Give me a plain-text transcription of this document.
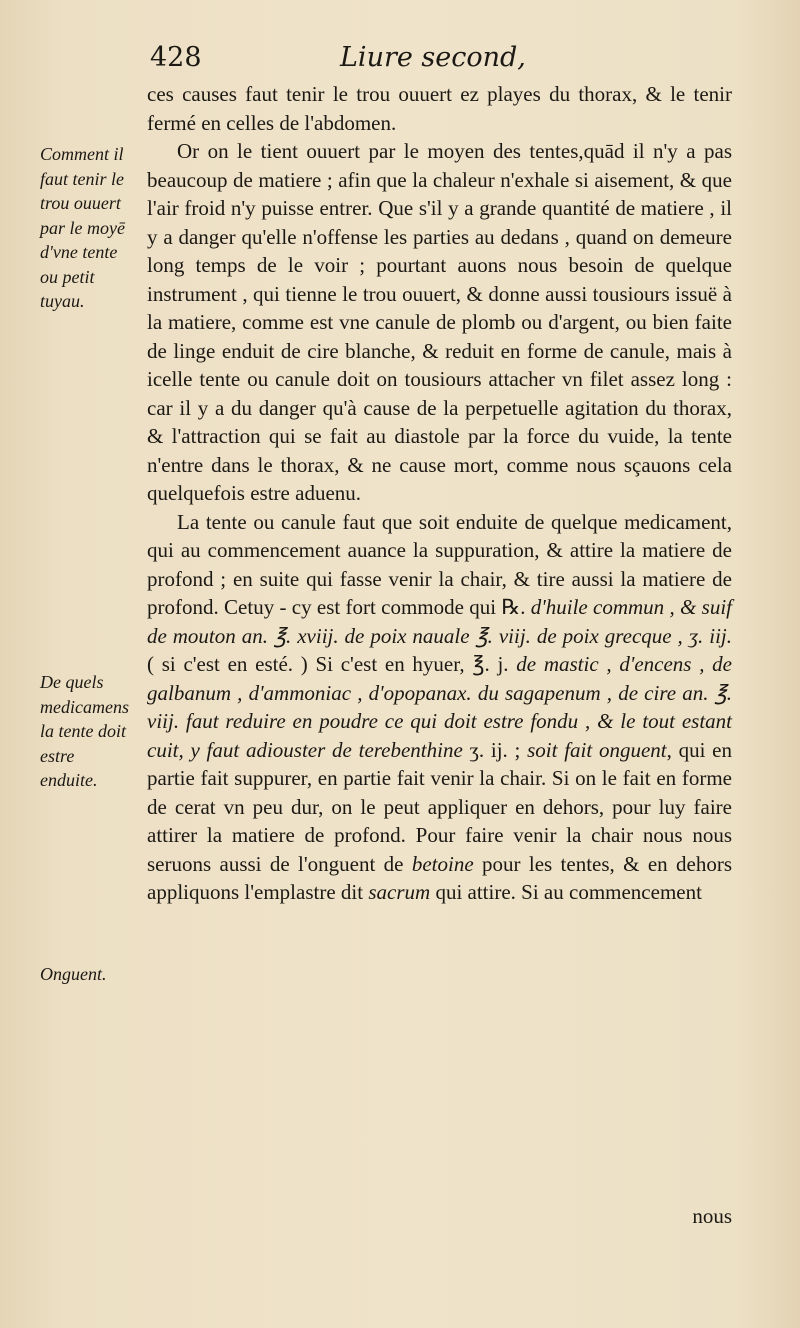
428	Liure second,
Comment il faut tenir le trou ouuert par le moyē d'vne tente ou petit tuyau.
De quels medicamens la tente doit estre enduite.
Onguent.

ces causes faut tenir le trou ouuert ez playes du thorax, & le tenir fermé en celles de l'abdomen.

Or on le tient ouuert par le moyen des tentes,quād il n'y a pas beaucoup de matiere ; afin que la chaleur n'exhale si aisement, & que l'air froid n'y puisse entrer. Que s'il y a grande quantité de matiere , il y a danger qu'elle n'offense les parties au dedans , quand on demeure long temps de le voir ; pourtant auons nous besoin de quelque instrument , qui tienne le trou ouuert, & donne aussi tousiours issuë à la matiere, comme est vne canule de plomb ou d'argent, ou bien faite de linge enduit de cire blanche, & reduit en forme de canule, mais à icelle tente ou canule doit on tousiours attacher vn filet assez long : car il y a du danger qu'à cause de la perpetuelle agitation du thorax, & l'attraction qui se fait au diastole par la force du vuide, la tente n'entre dans le thorax, & ne cause mort, comme nous sçauons cela quelquefois estre aduenu.

La tente ou canule faut que soit enduite de quelque medicament, qui au commencement auance la suppuration, & attire la matiere de profond ; en suite qui fasse venir la chair, & tire aussi la matiere de profond. Cetuy - cy est fort commode qui ℞. d'huile commun , & suif de mouton an. ℥. xviij. de poix nauale ℥. viij. de poix grecque , ʒ. iij. ( si c'est en esté. ) Si c'est en hyuer, ℥. j. de mastic , d'encens , de galbanum , d'ammoniac , d'opopanax. du sagapenum , de cire an. ℥. viij. faut reduire en poudre ce qui doit estre fondu , & le tout estant cuit, y faut adiouster de terebenthine ʒ. ij. ; soit fait onguent, qui en partie fait suppurer, en partie fait venir la chair. Si on le fait en forme de cerat vn peu dur, on le peut appliquer en dehors, pour luy faire attirer la matiere de profond. Pour faire venir la chair nous nous seruons aussi de l'onguent de betoine pour les tentes, & en dehors appliquons l'emplastre dit sacrum qui attire. Si au commencement

nous
